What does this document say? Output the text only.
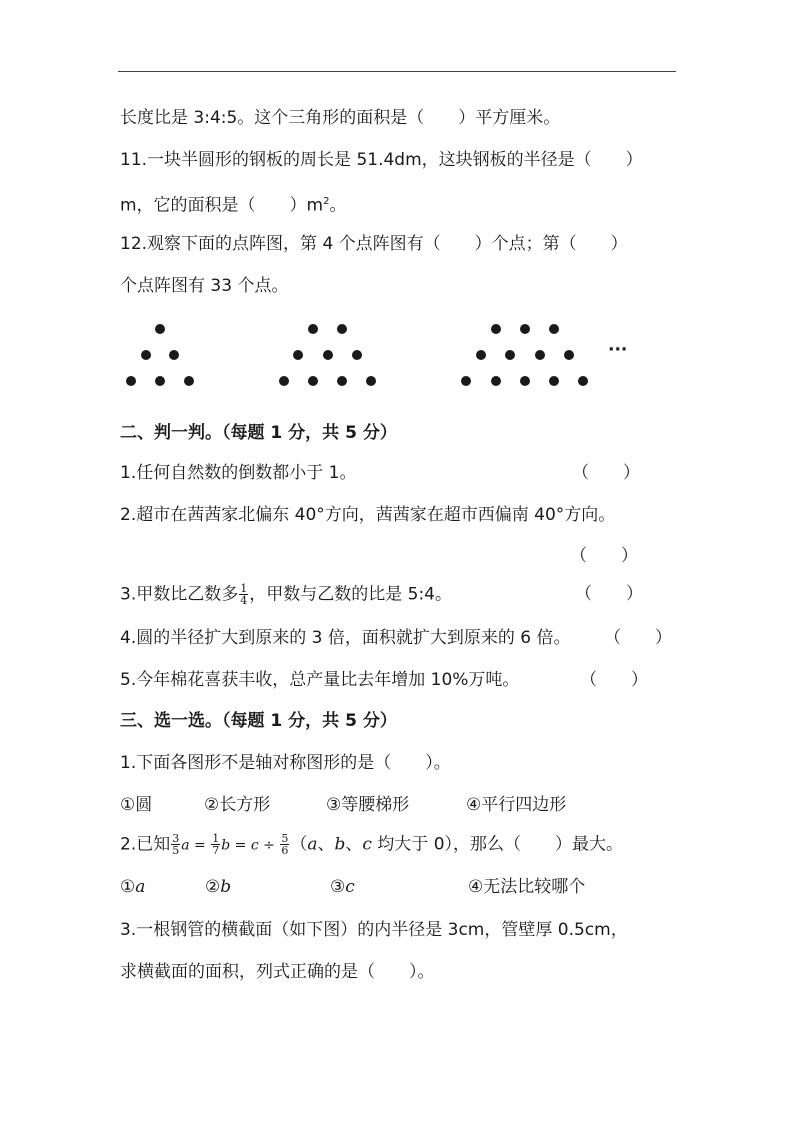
长度比是 3:4:5。这个三角形的面积是（　　）平方厘米。
11.一块半圆形的钢板的周长是 51.4dm，这块钢板的半径是（　　）
m，它的面积是（　　）$m^2$。
12.观察下面的点阵图，第 4 个点阵图有（　　）个点；第（　　）
个点阵图有 33 个点。
···
二、判一判。（每题 1 分，共 5 分）
1.任何自然数的倒数都小于 1。	（　　）
2.超市在茜茜家北偏东 40°方向，茜茜家在超市西偏南 40°方向。
（　　）
3.甲数比乙数多 $\frac{1}{4}$ ，甲数与乙数的比是 5:4。	（　　）
4.圆的半径扩大到原来的 3 倍，面积就扩大到原来的 6 倍。 （　　）
5.今年棉花喜获丰收，总产量比去年增加 10%万吨。	（　　）
三、选一选。（每题 1 分，共 5 分）
1.下面各图形不是轴对称图形的是（　　）。
①圆	②长方形	③等腰梯形	④平行四边形
2.已知 $\frac{3}{5}$ $a = \frac{1}{7}$ $b = c \div \frac{5}{6} (a$、b、c 均大于 0），那么（　　）最大。
①a	②b	③c	④无法比较哪个
3.一根钢管的横截面（如下图）的内半径是 3cm，管壁厚 0.5cm，
求横截面的面积，列式正确的是（　　）。
